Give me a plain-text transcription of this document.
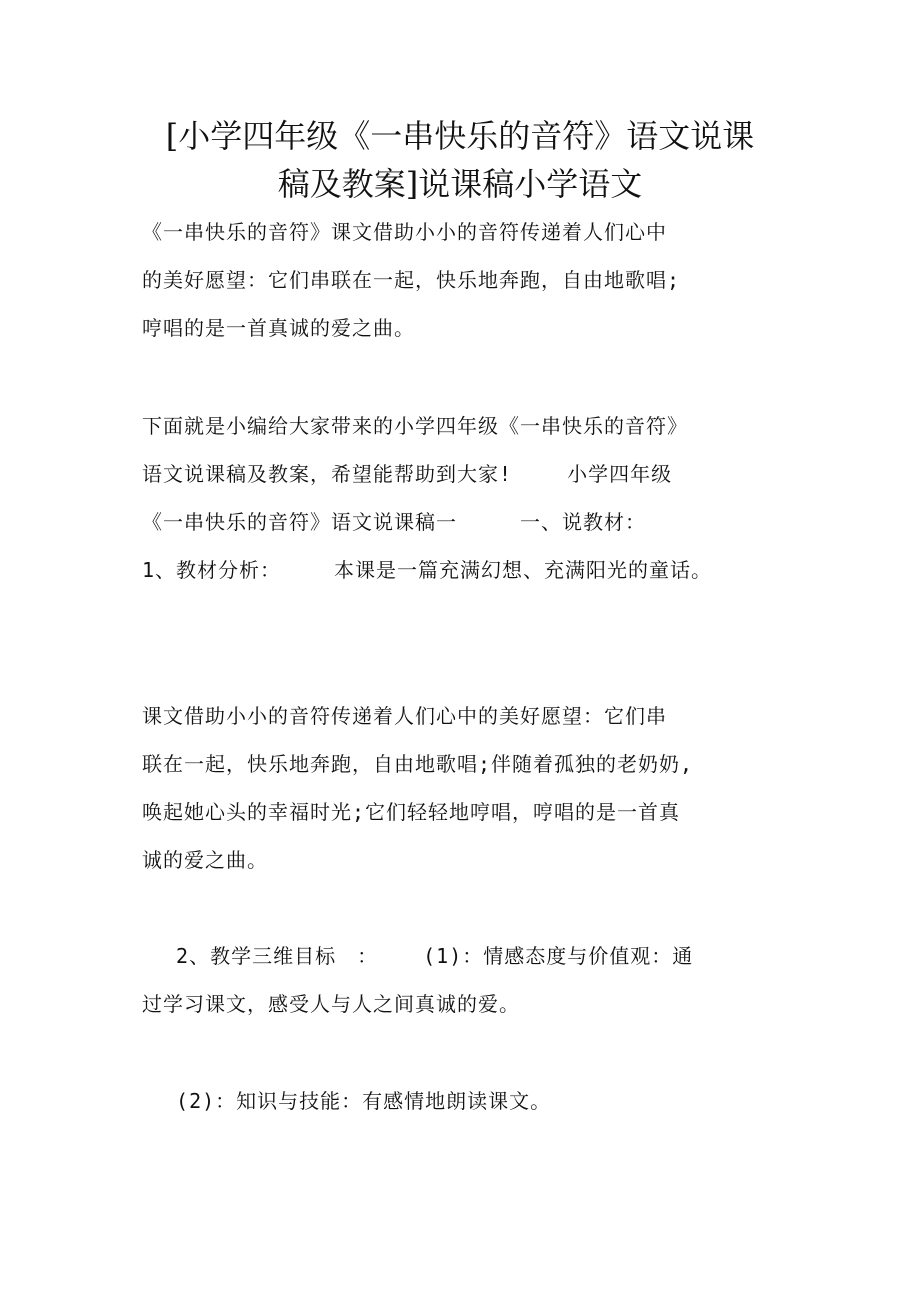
[小学四年级《一串快乐的音符》语文说课
稿及教案]说课稿小学语文
《一串快乐的音符》课文借助小小的音符传递着人们心中
的美好愿望：它们串联在一起，快乐地奔跑，自由地歌唱;
哼唱的是一首真诚的爱之曲。
下面就是小编给大家带来的小学四年级《一串快乐的音符》
语文说课稿及教案，希望能帮助到大家!　　 小学四年级
《一串快乐的音符》语文说课稿一　　　一、说教材：
1、教材分析：　　　本课是一篇充满幻想、充满阳光的童话。
课文借助小小的音符传递着人们心中的美好愿望：它们串
联在一起，快乐地奔跑，自由地歌唱;伴随着孤独的老奶奶,
唤起她心头的幸福时光;它们轻轻地哼唱，哼唱的是一首真
诚的爱之曲。
　 2、教学三维目标　：　　 (1)：情感态度与价值观：通
过学习课文，感受人与人之间真诚的爱。
　 (2)：知识与技能：有感情地朗读课文。
